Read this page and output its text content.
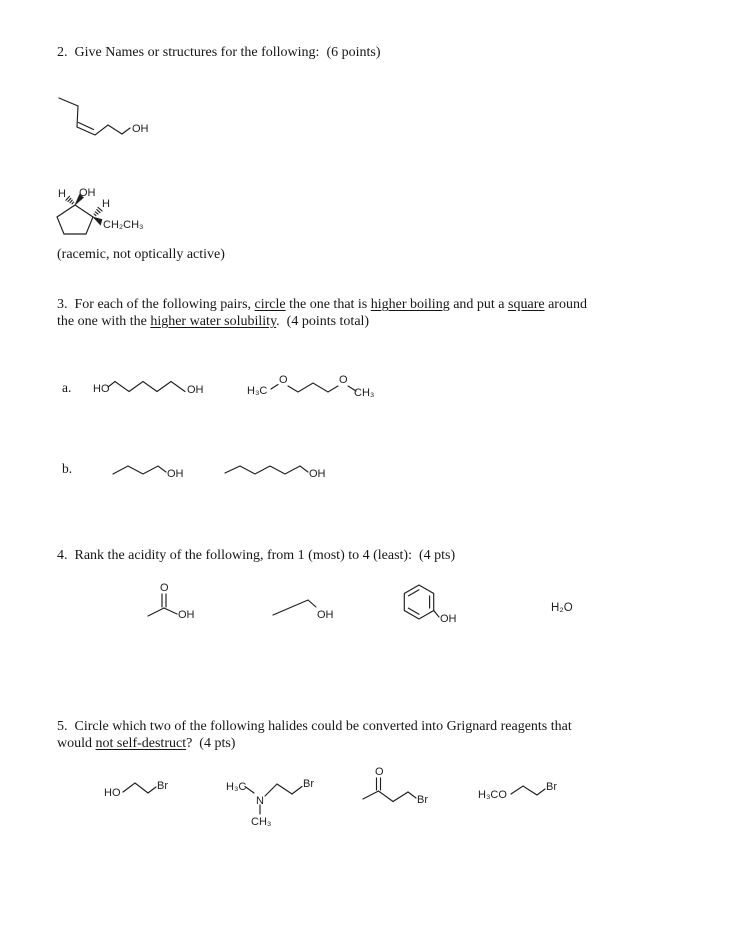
2.  Give Names or structures for the following:  (6 points)
OH
H OH
H
CH₂CH₃
(racemic, not optically active)
3.  For each of the following pairs, circle the one that is higher boiling and put a square around
the one with the higher water solubility.  (4 points total)
a. HO	OH	H₃C
O	O
CH₃
b.	OH	OH
4.  Rank the acidity of the following, from 1 (most) to 4 (least):  (4 pts)
O
OH	OH	OH
H₂O
5.  Circle which two of the following halides could be converted into Grignard reagents that
would not self-destruct?  (4 pts)
HO
Br	H₃C
N
CH₃
Br
O
Br	H₃CO
Br
